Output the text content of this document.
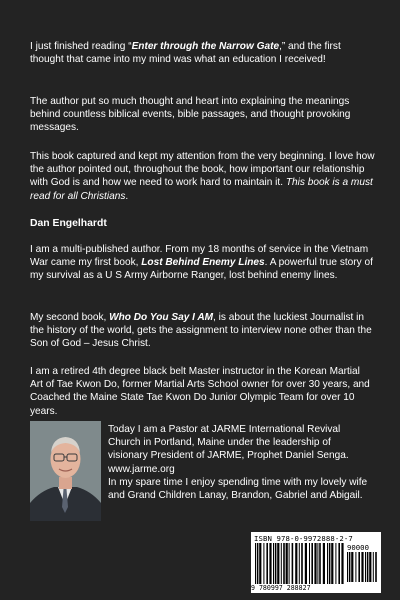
I just finished reading “Enter through the Narrow Gate,” and the first thought that came into my mind was what an education I received!

The author put so much thought and heart into explaining the meanings behind countless biblical events, bible passages, and thought provoking messages.

This book captured and kept my attention from the very beginning. I love how the author pointed out, throughout the book, how important our relationship with God is and how we need to work hard to maintain it. This book is a must read for all Christians.

Dan Engelhardt

I am a multi-published author. From my 18 months of service in the Vietnam War came my first book, Lost Behind Enemy Lines. A powerful true story of my survival as a U S Army Airborne Ranger, lost behind enemy lines.

My second book, Who Do You Say I AM, is about the luckiest Journalist in the history of the world, gets the assignment to interview none other than the Son of God – Jesus Christ.

I am a retired 4th degree black belt Master instructor in the Korean Martial Art of Tae Kwon Do, former Martial Arts School owner for over 30 years, and Coached the Maine State Tae Kwon Do Junior Olympic Team for over 10 years.

Today I am a Pastor at JARME International Revival Church in Portland, Maine under the leadership of visionary President of JARME, Prophet Daniel Senga. www.jarme.org

In my spare time I enjoy spending time with my lovely wife and Grand Children Lanay, Brandon, Gabriel and Abigail.

ISBN 978-0-9972888-2-7
90000
9 780997 288827
